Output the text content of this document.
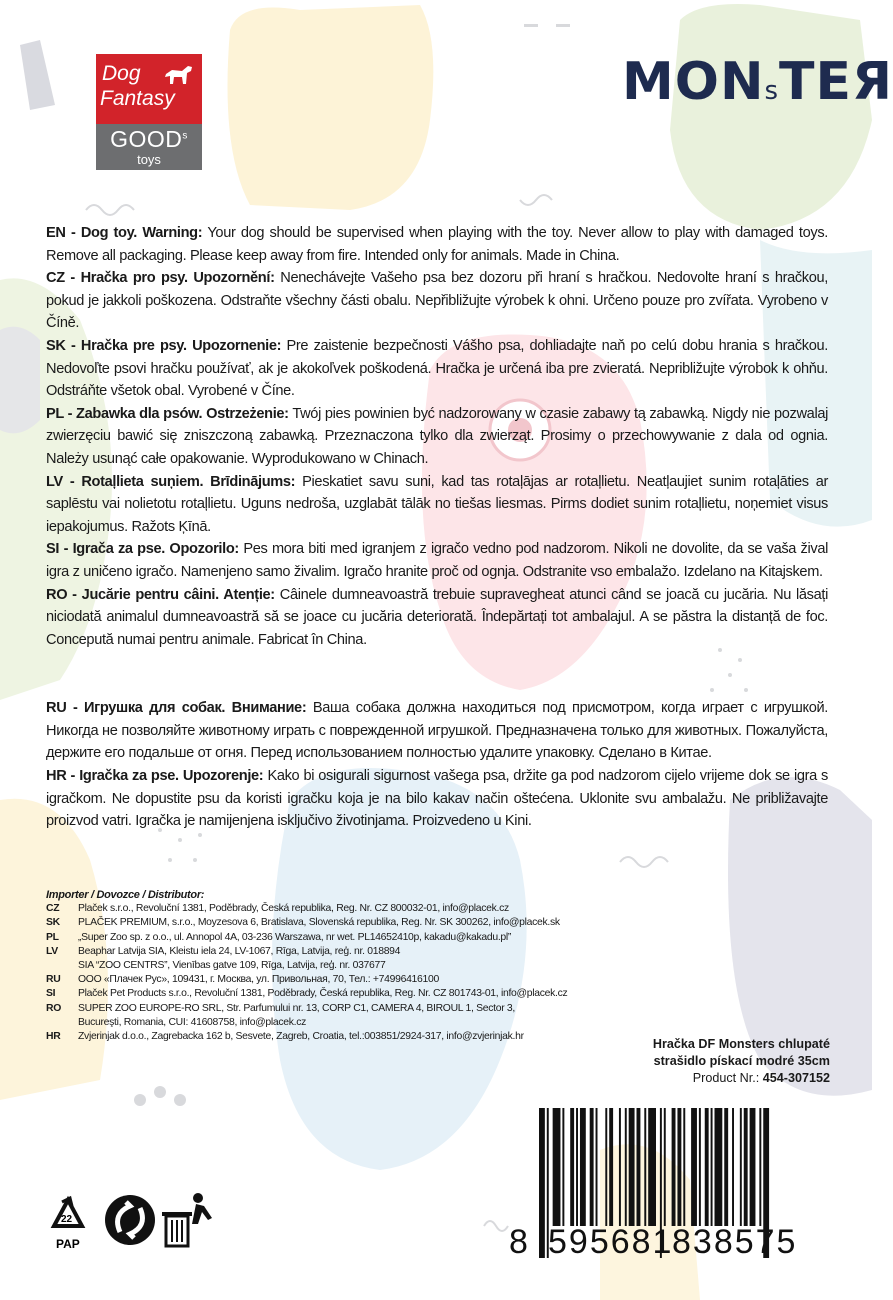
Dog
Fantasy
GOOD$^s$
toys
MONsTEЯ

EN - Dog toy. Warning: Your dog should be supervised when playing with the toy. Never allow to play with damaged toys. Remove all packaging. Please keep away from fire. Intended only for animals. Made in China.

CZ - Hračka pro psy. Upozornění: Nenechávejte Vašeho psa bez dozoru při hraní s hračkou. Nedovolte hraní s hračkou, pokud je jakkoli poškozena. Odstraňte všechny části obalu. Nepřibližujte výrobek k ohni. Určeno pouze pro zvířata. Vyrobeno v Číně.

SK - Hračka pre psy. Upozornenie: Pre zaistenie bezpečnosti Vášho psa, dohliadajte naň po celú dobu hrania s hračkou. Nedovoľte psovi hračku používať, ak je akokoľvek poškodená. Hračka je určená iba pre zvieratá. Nepribližujte výrobok k ohňu. Odstráňte všetok obal. Vyrobené v Číne.

PL - Zabawka dla psów. Ostrzeżenie: Twój pies powinien być nadzorowany w czasie zabawy tą zabawką. Nigdy nie pozwalaj zwierzęciu bawić się zniszczoną zabawką. Przeznaczona tylko dla zwierząt. Prosimy o przechowywanie z dala od ognia. Należy usunąć całe opakowanie. Wyprodukowano w Chinach.

LV - Rotaļlieta suņiem. Brīdinājums: Pieskatiet savu suni, kad tas rotaļājas ar rotaļlietu. Neatļaujiet sunim rotaļāties ar saplēstu vai nolietotu rotaļlietu. Uguns nedroša, uzglabāt tālāk no tiešas liesmas. Pirms dodiet sunim rotaļlietu, noņemiet visus iepakojumus. Ražots Ķīnā.

SI - Igrača za pse. Opozorilo: Pes mora biti med igranjem z igračo vedno pod nadzorom. Nikoli ne dovolite, da se vaša žival igra z uničeno igračo. Namenjeno samo živalim. Igračo hranite proč od ognja. Odstranite vso embalažo. Izdelano na Kitajskem.

RO - Jucărie pentru câini. Atenție: Câinele dumneavoastră trebuie supravegheat atunci când se joacă cu jucăria. Nu lăsați niciodată animalul dumneavoastră să se joace cu jucăria deteriorată. Îndepărtați tot ambalajul. A se păstra la distanță de foc. Concepută numai pentru animale. Fabricat în China.

RU - Игрушка для собак. Внимание: Ваша собака должна находиться под присмотром, когда играет с игрушкой. Никогда не позволяйте животному играть с поврежденной игрушкой. Предназначена только для животных. Пожалуйста, держите его подальше от огня. Перед использованием полностью удалите упаковку. Сделано в Китае.

HR - Igračka za pse. Upozorenje: Kako bi osigurali sigurnost vašega psa, držite ga pod nadzorom cijelo vrijeme dok se igra s igračkom. Ne dopustite psu da koristi igračku koja je na bilo kakav način oštećena. Uklonite svu ambalažu. Ne približavajte proizvod vatri. Igračka je namijenjena isključivo životinjama. Proizvedeno u Kini.

Importer / Dovozce / Distributor:
CZ	Plaček s.r.o., Revoluční 1381, Poděbrady, Česká republika, Reg. Nr. CZ 800032-01, info@placek.cz
SK	PLAČEK PREMIUM, s.r.o., Moyzesova 6, Bratislava, Slovenská republika, Reg. Nr. SK 300262, info@placek.sk
PL	„Super Zoo sp. z o.o., ul. Annopol 4A, 03-236 Warszawa, nr wet. PL14652410p, kakadu@kakadu.pl”
LV	Beaphar Latvija SIA, Kleistu iela 24, LV-1067, Rīga, Latvija, reģ. nr. 018894
SIA “ZOO CENTRS”, Vienības gatve 109, Rīga, Latvija, reģ. nr. 037677
RU	ООО «Плачек Рус», 109431, г. Москва, ул. Привольная, 70, Тел.: +74996416100
SI	Plaček Pet Products s.r.o., Revoluční 1381, Poděbrady, Česká republika, Reg. Nr. CZ 801743-01, info@placek.cz
RO	SUPER ZOO EUROPE-RO SRL, Str. Parfumului nr. 13, CORP C1, CAMERA 4, BIROUL 1, Sector 3,
Bucureşti, Romania, CUI: 41608758, info@placek.cz
HR	Zvjerinjak d.o.o., Zagrebacka 162 b, Sesvete, Zagreb, Croatia, tel.:003851/2924-317, info@zvjerinjak.hr
Hračka DF Monsters chlupaté
strašidlo pískací modré 35cm
Product Nr.: 454-307152
8 595681
838575
22
PAP
